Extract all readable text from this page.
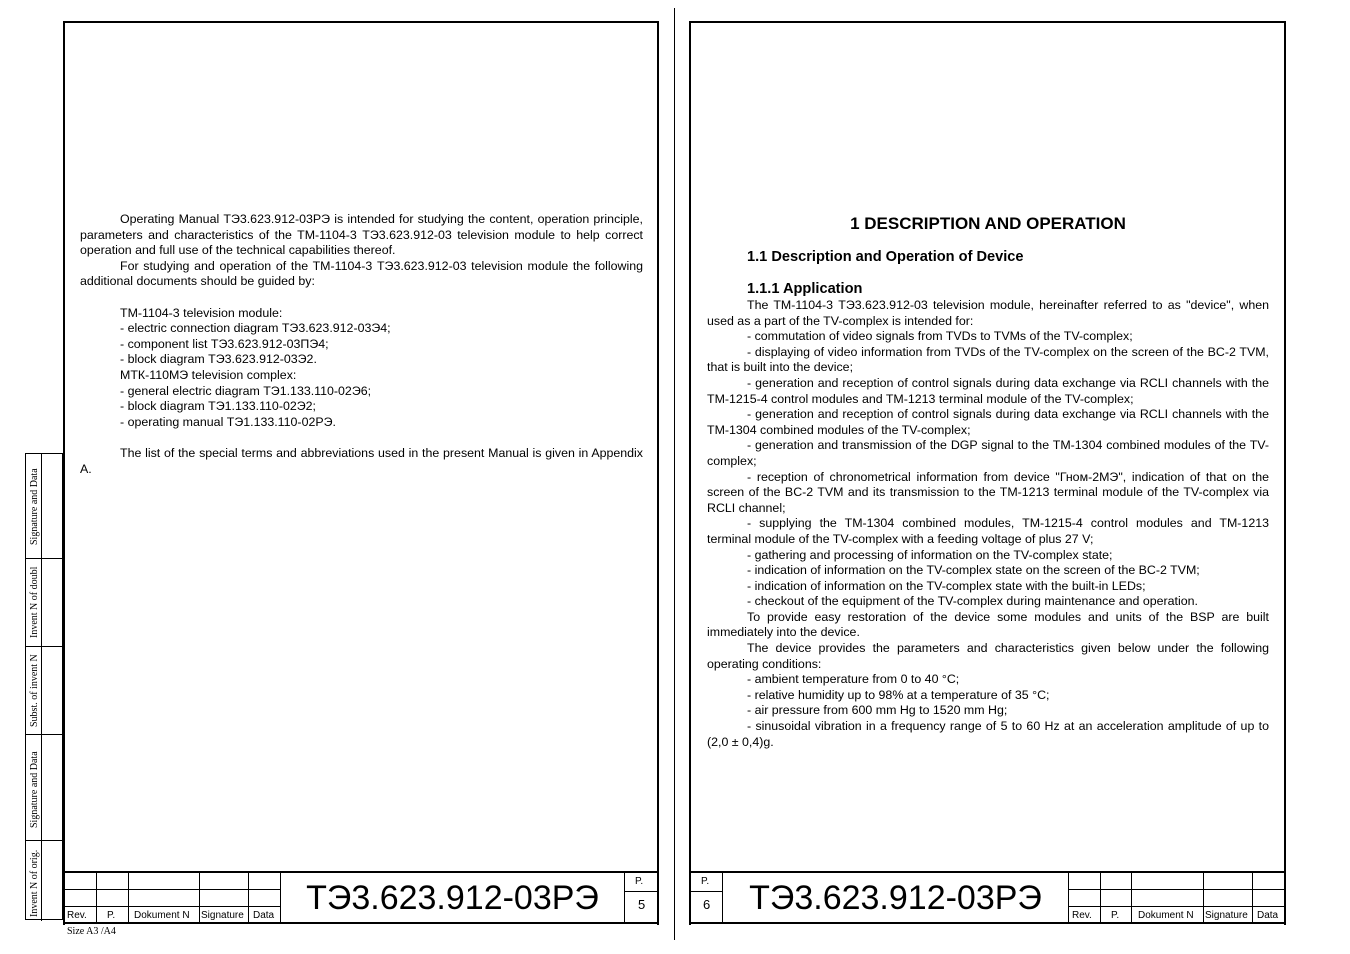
Operating Manual ТЭ3.623.912-03РЭ is intended for studying the content, operation principle, parameters and characteristics of the TM-1104-3 ТЭ3.623.912-03 television module to help correct operation and full use of the technical capabilities thereof.

For studying and operation of the TM-1104-3 ТЭ3.623.912-03 television module the following additional documents should be guided by:

TM-1104-3 television module:

- electric connection diagram ТЭ3.623.912-03Э4;

- component list ТЭ3.623.912-03ПЭ4;

- block diagram ТЭ3.623.912-03Э2.

МТК-110МЭ television complex:

- general electric diagram ТЭ1.133.110-02Э6;

- block diagram ТЭ1.133.110-02Э2;

- operating manual ТЭ1.133.110-02РЭ.

The list of the special terms and abbreviations used in the present Manual is given in Appendix A.

Rev. P. Dokument N Signature Data ТЭ3.623.912-03РЭ	P.
5
Signature and Data
Invent N of doubl
Subst. of invent N
Signature and Data
Invent N of orig.
Size A3 /A4
1 DESCRIPTION AND OPERATION
1.1 Description and Operation of Device
1.1.1 Application

The TM-1104-3 ТЭ3.623.912-03 television module, hereinafter referred to as "device", when used as a part of the TV-complex is intended for:

- commutation of video signals from TVDs to TVMs of the TV-complex;

- displaying of video information from TVDs of the TV-complex on the screen of the BC-2 TVM, that is built into the device;

- generation and reception of control signals during data exchange via RCLI channels with the TM-1215-4 control modules and TM-1213 terminal module of the TV-complex;

- generation and reception of control signals during data exchange via RCLI channels with the TM-1304 combined modules of the TV-complex;

- generation and transmission of the DGP signal to the TM-1304 combined modules of the TV-complex;

- reception of chronometrical information from device "Гном-2МЭ", indication of that on the screen of the BC-2 TVM and its transmission to the TM-1213 terminal module of the TV-complex via RCLI channel;

- supplying the TM-1304 combined modules, TM-1215-4 control modules and TM-1213 terminal module of the TV-complex with a feeding voltage of plus 27 V;

- gathering and processing of information on the TV-complex state;

- indication of information on the TV-complex state on the screen of the BC-2 TVM;

- indication of information on the TV-complex state with the built-in LEDs;

- checkout of the equipment of the TV-complex during maintenance and operation.

To provide easy restoration of the device some modules and units of the BSP are built immediately into the device.

The device provides the parameters and characteristics given below under the following operating conditions:

- ambient temperature from 0 to 40 °C;

- relative humidity up to 98% at a temperature of 35 °C;

- air pressure from 600 mm Hg to 1520 mm Hg;

- sinusoidal vibration in a frequency range of 5 to 60 Hz at an acceleration amplitude of up to (2,0 ± 0,4)g.

P.
6	ТЭ3.623.912-03РЭ	Rev. P. Dokument N Signature Data
